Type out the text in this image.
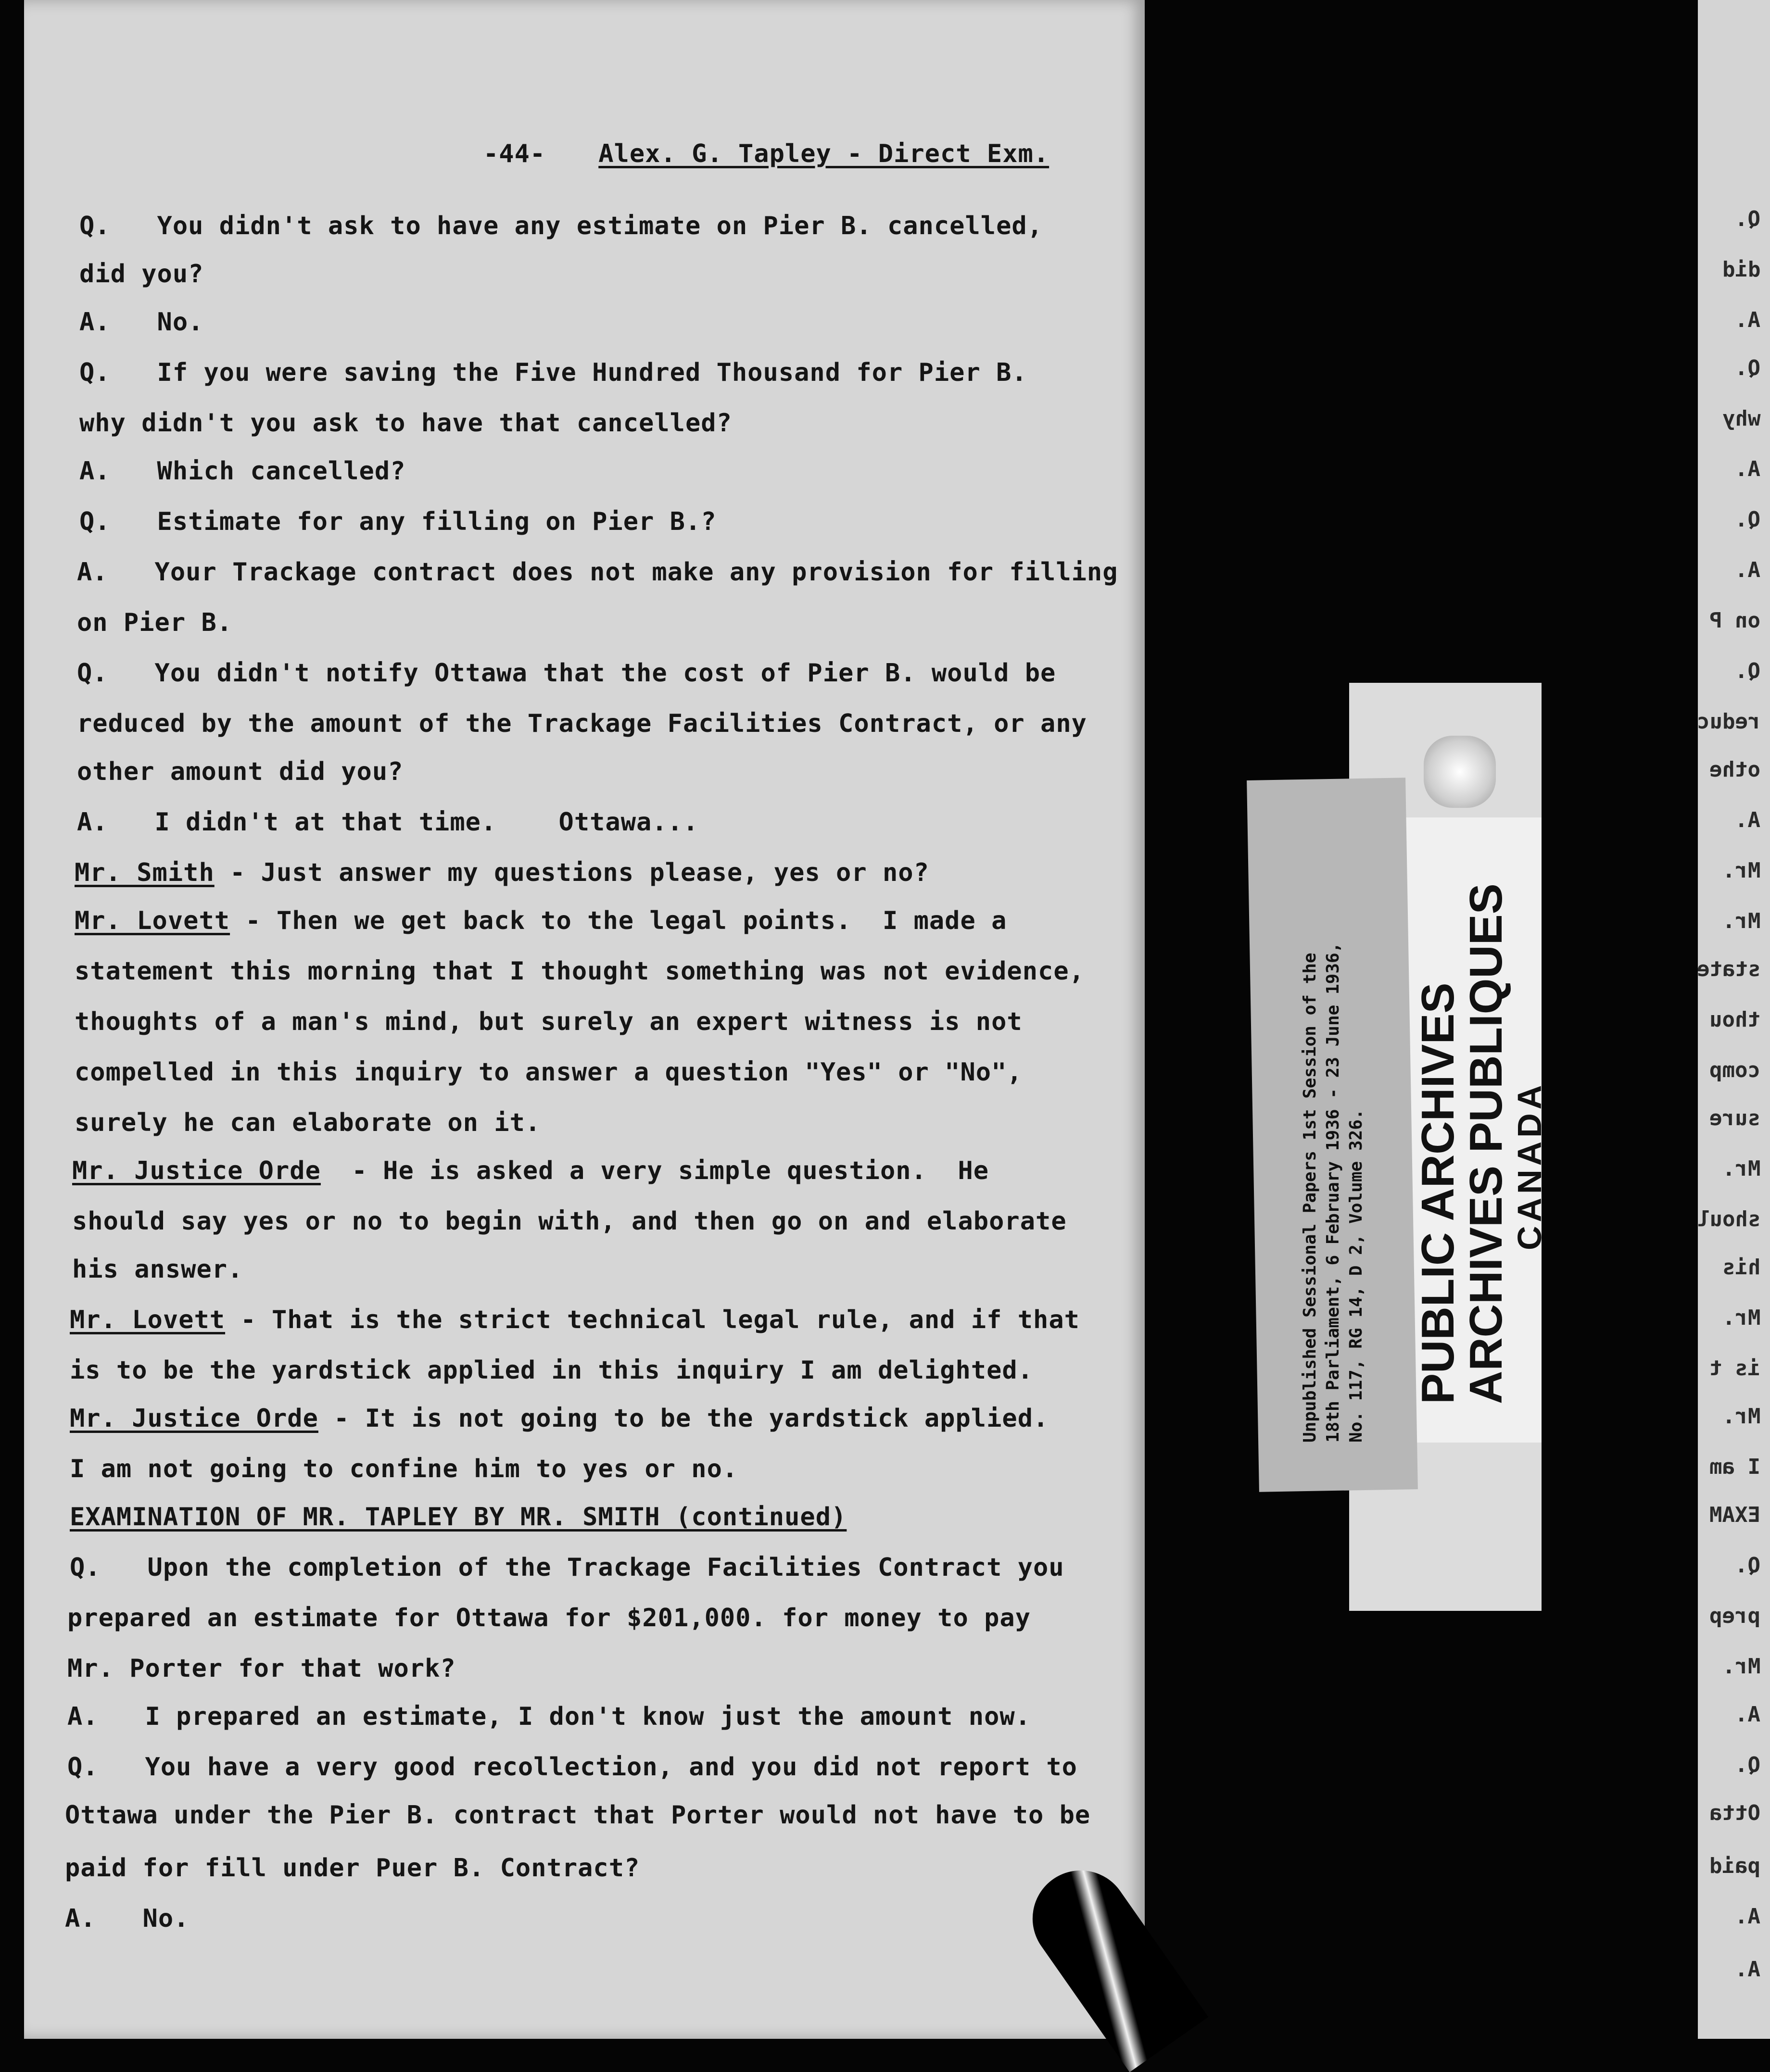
-44- Alex. G. Tapley - Direct Exm.
Q.   You didn't ask to have any estimate on Pier B. cancelled,
did you?
A.   No.
Q.   If you were saving the Five Hundred Thousand for Pier B.
why didn't you ask to have that cancelled?
A.   Which cancelled?
Q.   Estimate for any filling on Pier B.?
A.   Your Trackage contract does not make any provision for filling
on Pier B.
Q.   You didn't notify Ottawa that the cost of Pier B. would be
reduced by the amount of the Trackage Facilities Contract, or any
other amount did you?
A.   I didn't at that time.    Ottawa...
Mr. Smith - Just answer my questions please, yes or no?
Mr. Lovett - Then we get back to the legal points.  I made a
statement this morning that I thought something was not evidence,
thoughts of a man's mind, but surely an expert witness is not
compelled in this inquiry to answer a question "Yes" or "No",
surely he can elaborate on it.
Mr. Justice Orde  - He is asked a very simple question.  He
should say yes or no to begin with, and then go on and elaborate
his answer.
Mr. Lovett - That is the strict technical legal rule, and if that
is to be the yardstick applied in this inquiry I am delighted.
Mr. Justice Orde - It is not going to be the yardstick applied.
I am not going to confine him to yes or no.
EXAMINATION OF MR. TAPLEY BY MR. SMITH (continued)
Q.   Upon the completion of the Trackage Facilities Contract you
prepared an estimate for Ottawa for $201,000. for money to pay
Mr. Porter for that work?
A.   I prepared an estimate, I don't know just the amount now.
Q.   You have a very good recollection, and you did not report to
Ottawa under the Pier B. contract that Porter would not have to be
paid for fill under Puer B. Contract?
A.   No.
Unpublished Sessional Papers 1st Session of the 18th Parliament, 6 February 1936 - 23 June 1936, No. 117, RG 14, D 2, Volume 326. PUBLIC ARCHIVES
ARCHIVES PUBLIQUES
CANADA
Q.
did
A.
Q.
why
A.
Q.
A.
on P
Q.
reduc
othe
A.
Mr.
Mr.
state
thou
comp
sure
Mr.
shoul
his
Mr.
is t
Mr.
I am
EXAM
Q.
prep
Mr.
A.
Q.
Otta
paid
A.
A.
